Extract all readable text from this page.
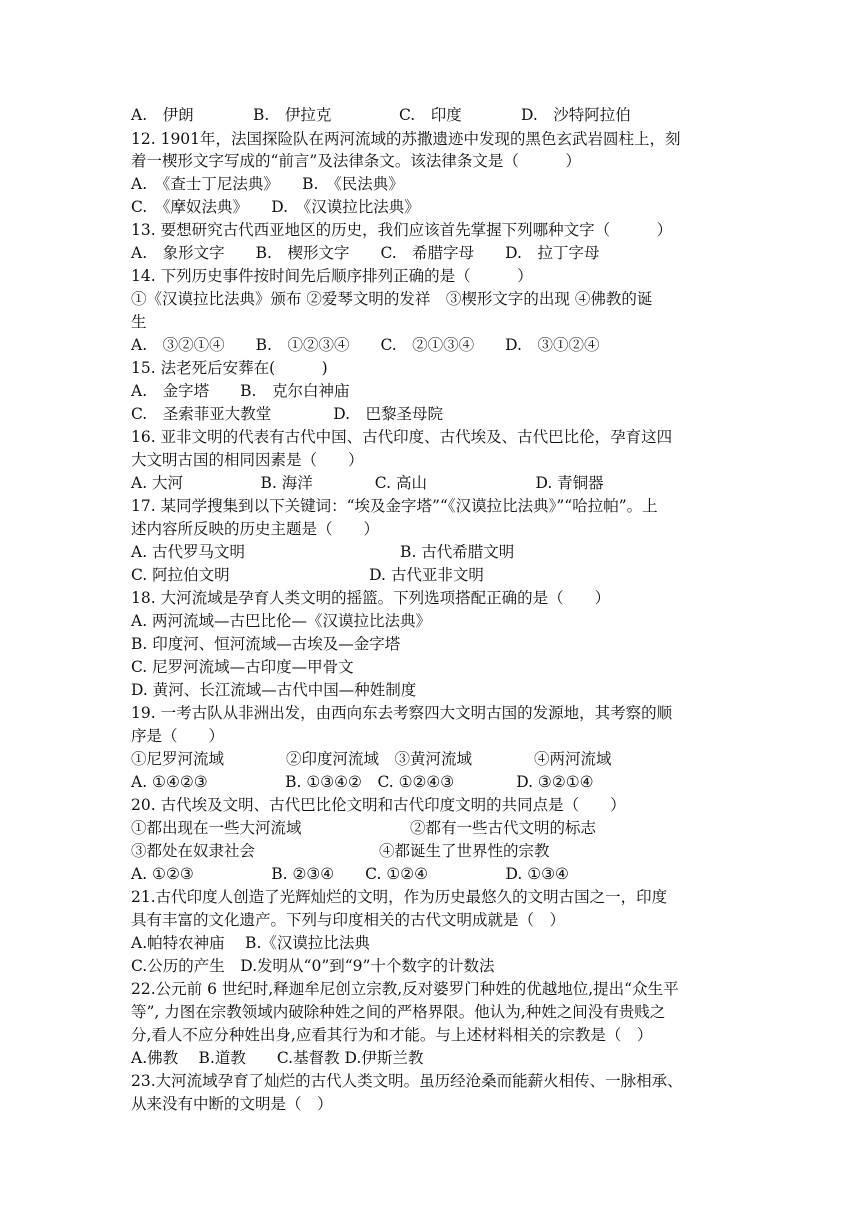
A.　伊朗	B.　伊拉克	C.　印度	D.　沙特阿拉伯
12. 1901年，法国探险队在两河流域的苏撒遗迹中发现的黑色玄武岩圆柱上，刻
着一楔形文字写成的“前言”及法律条文。该法律条文是（　　　）
A.　《查士丁尼法典》　　B.　《民法典》
C.　《摩奴法典》　　D.　《汉谟拉比法典》
13. 要想研究古代西亚地区的历史，我们应该首先掌握下列哪种文字（　　　）
A.　象形文字　　B.　楔形文字　　C.　希腊字母　　D.　拉丁字母
14. 下列历史事件按时间先后顺序排列正确的是（　　　）
①《汉谟拉比法典》颁布 ②爱琴文明的发祥　③楔形文字的出现 ④佛教的诞
生
A.　③②①④　　B.　①②③④　　C.　②①③④　　D.　③①②④
15. 法老死后安葬在(　　　)
A.　金字塔　　B.　克尔白神庙
C.　圣索菲亚大教堂　　　　D.　巴黎圣母院
16. 亚非文明的代表有古代中国、古代印度、古代埃及、古代巴比伦，孕育这四
大文明古国的相同因素是（　　）
A. 大河　　　　　B. 海洋　　　　C. 高山　　　　　　　D. 青铜器
17. 某同学搜集到以下关键词：“埃及金字塔”“《汉谟拉比法典》”“哈拉帕”。上
述内容所反映的历史主题是（　　）
A. 古代罗马文明　　　　　　　　　　B. 古代希腊文明
C. 阿拉伯文明　　　　　　　　　D. 古代亚非文明
18. 大河流域是孕育人类文明的摇篮。下列选项搭配正确的是（　　）
A. 两河流域—古巴比伦—《汉谟拉比法典》
B. 印度河、恒河流域—古埃及—金字塔
C. 尼罗河流域—古印度—甲骨文
D. 黄河、长江流域—古代中国—种姓制度
19. 一考古队从非洲出发，由西向东去考察四大文明古国的发源地，其考察的顺
序是（　　）
①尼罗河流域　　　　②印度河流域　③黄河流域　　　　④两河流域
A. ①④②③　　　　　B. ①③④②　C. ①②④③　　　　D. ③②①④
20. 古代埃及文明、古代巴比伦文明和古代印度文明的共同点是（　　）
①都出现在一些大河流域　　　　　　　②都有一些古代文明的标志
③都处在奴隶社会　　　　　　　　④都诞生了世界性的宗教
A. ①②③　　　　　B. ②③④　　C. ①②④　　　　　D. ①③④
21.古代印度人创造了光辉灿烂的文明，作为历史最悠久的文明古国之一，印度
具有丰富的文化遗产。下列与印度相关的古代文明成就是（　）
A.帕特农神庙　 B.《汉谟拉比法典
C.公历的产生　D.发明从“0”到“9”十个数字的计数法
22.公元前 6 世纪时,释迦牟尼创立宗教,反对婆罗门种姓的优越地位,提出“众生平
等”, 力图在宗教领域内破除种姓之间的严格界限。他认为,种姓之间没有贵贱之
分,看人不应分种姓出身,应看其行为和才能。与上述材料相关的宗教是（　）
A.佛教　 B.道教　　C.基督教 D.伊斯兰教
23.大河流域孕育了灿烂的古代人类文明。虽历经沧桑而能薪火相传、一脉相承、
从来没有中断的文明是（　）
